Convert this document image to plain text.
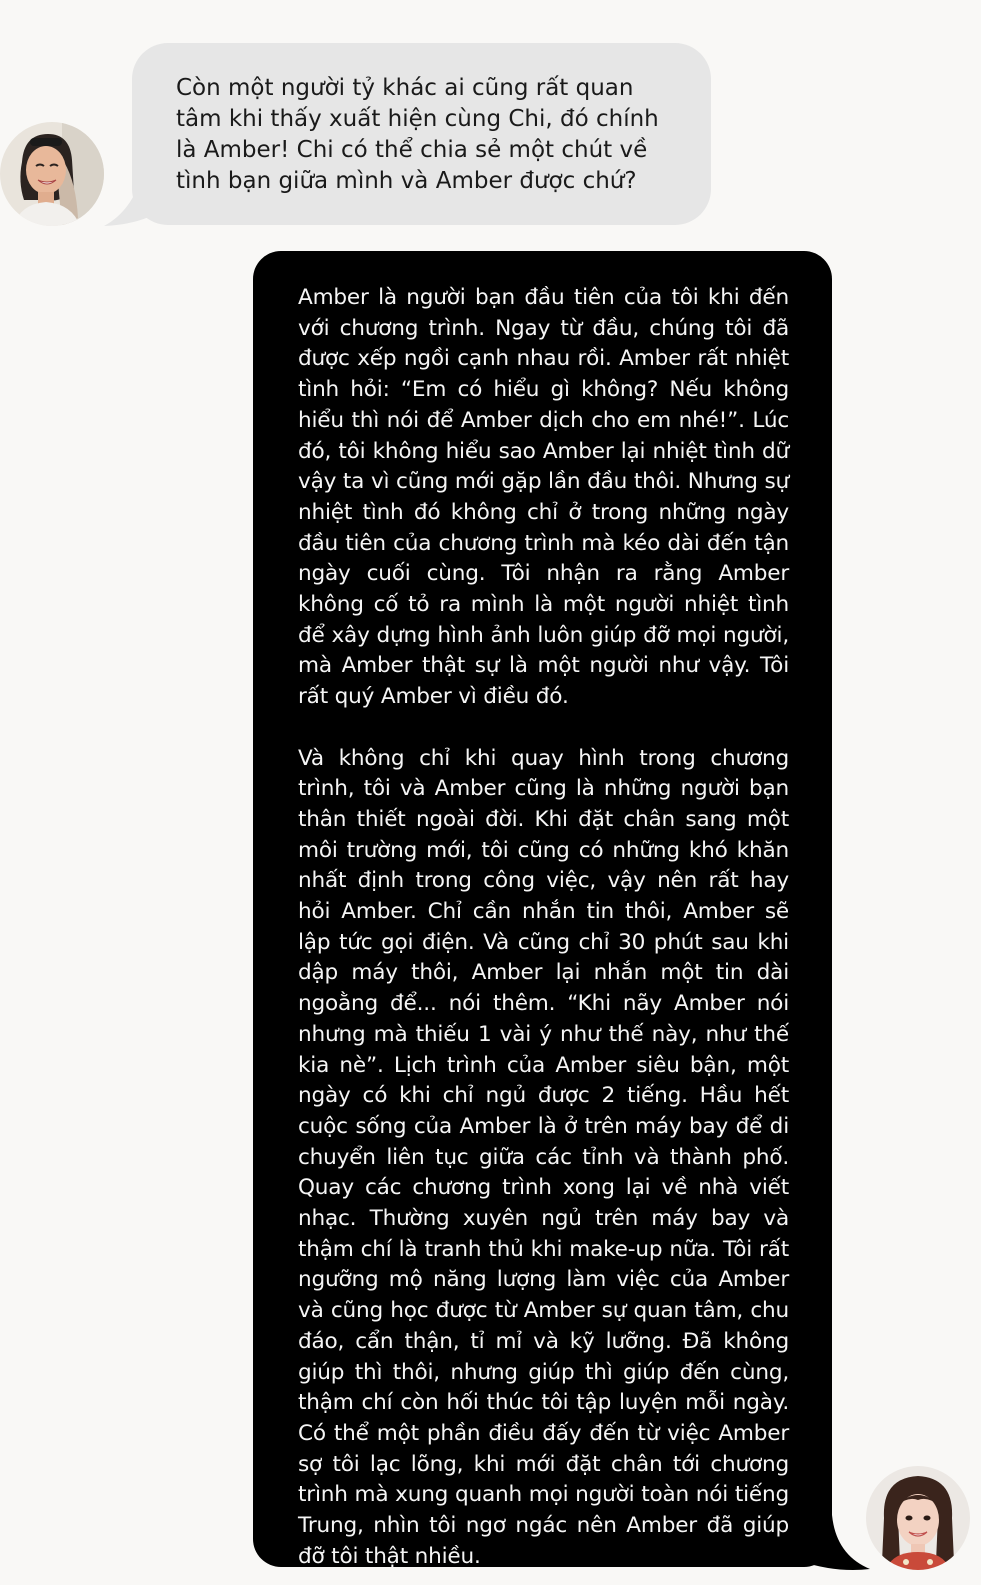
Còn một người tỷ khác ai cũng rất quan tâm khi thấy xuất hiện cùng Chi, đó chính là Amber! Chi có thể chia sẻ một chút về tình bạn giữa mình và Amber được chứ?

Amber là người bạn đầu tiên của tôi khi đến với chương trình. Ngay từ đầu, chúng tôi đã được xếp ngồi cạnh nhau rồi. Amber rất nhiệt tình hỏi: “Em có hiểu gì không? Nếu không hiểu thì nói để Amber dịch cho em nhé!”. Lúc đó, tôi không hiểu sao Amber lại nhiệt tình dữ vậy ta vì cũng mới gặp lần đầu thôi. Nhưng sự nhiệt tình đó không chỉ ở trong những ngày đầu tiên của chương trình mà kéo dài đến tận ngày cuối cùng. Tôi nhận ra rằng Amber không cố tỏ ra mình là một người nhiệt tình để xây dựng hình ảnh luôn giúp đỡ mọi người, mà Amber thật sự là một người như vậy. Tôi rất quý Amber vì điều đó.

Và không chỉ khi quay hình trong chương trình, tôi và Amber cũng là những người bạn thân thiết ngoài đời. Khi đặt chân sang một môi trường mới, tôi cũng có những khó khăn nhất định trong công việc, vậy nên rất hay hỏi Amber. Chỉ cần nhắn tin thôi, Amber sẽ lập tức gọi điện. Và cũng chỉ 30 phút sau khi dập máy thôi, Amber lại nhắn một tin dài ngoằng để... nói thêm. “Khi nãy Amber nói nhưng mà thiếu 1 vài ý như thế này, như thế kia nè”. Lịch trình của Amber siêu bận, một ngày có khi chỉ ngủ được 2 tiếng. Hầu hết cuộc sống của Amber là ở trên máy bay để di chuyển liên tục giữa các tỉnh và thành phố. Quay các chương trình xong lại về nhà viết nhạc. Thường xuyên ngủ trên máy bay và thậm chí là tranh thủ khi make-up nữa. Tôi rất ngưỡng mộ năng lượng làm việc của Amber và cũng học được từ Amber sự quan tâm, chu đáo, cẩn thận, tỉ mỉ và kỹ lưỡng. Đã không giúp thì thôi, nhưng giúp thì giúp đến cùng, thậm chí còn hối thúc tôi tập luyện mỗi ngày. Có thể một phần điều đấy đến từ việc Amber sợ tôi lạc lõng, khi mới đặt chân tới chương trình mà xung quanh mọi người toàn nói tiếng Trung, nhìn tôi ngơ ngác nên Amber đã giúp đỡ tôi thật nhiều.
